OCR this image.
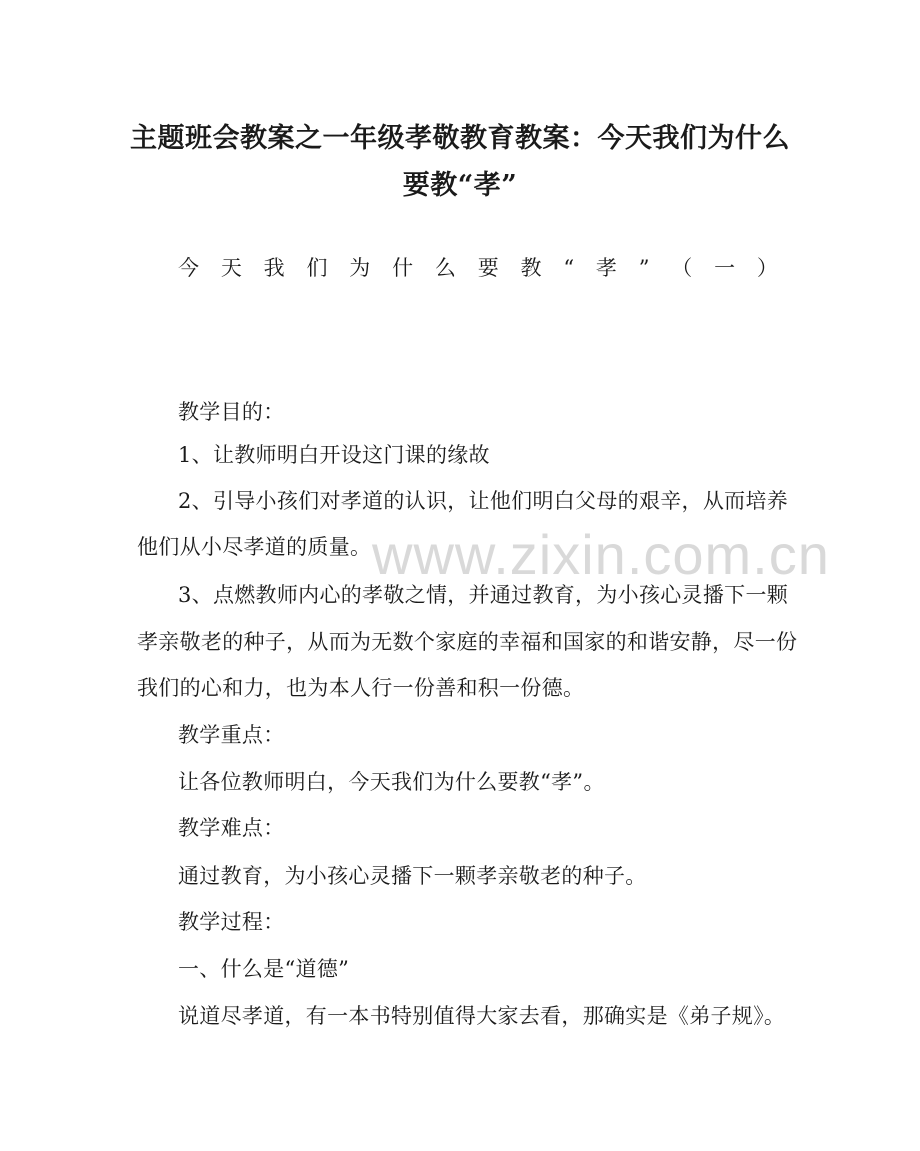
主题班会教案之一年级孝敬教育教案：今天我们为什么
要教“孝”
今 天 我 们 为 什 么 要 教 “ 孝 ” （ 一 ）
教学目的：
1、让教师明白开设这门课的缘故
2、引导小孩们对孝道的认识，让他们明白父母的艰辛，从而培养
他们从小尽孝道的质量。
3、点燃教师内心的孝敬之情，并通过教育，为小孩心灵播下一颗
孝亲敬老的种子，从而为无数个家庭的幸福和国家的和谐安静，尽一份
我们的心和力，也为本人行一份善和积一份德。
教学重点：
让各位教师明白，今天我们为什么要教“孝”。
教学难点：
通过教育，为小孩心灵播下一颗孝亲敬老的种子。
教学过程：
一、什么是“道德”
说道尽孝道，有一本书特别值得大家去看，那确实是《弟子规》。
www.zixin.com.cn
